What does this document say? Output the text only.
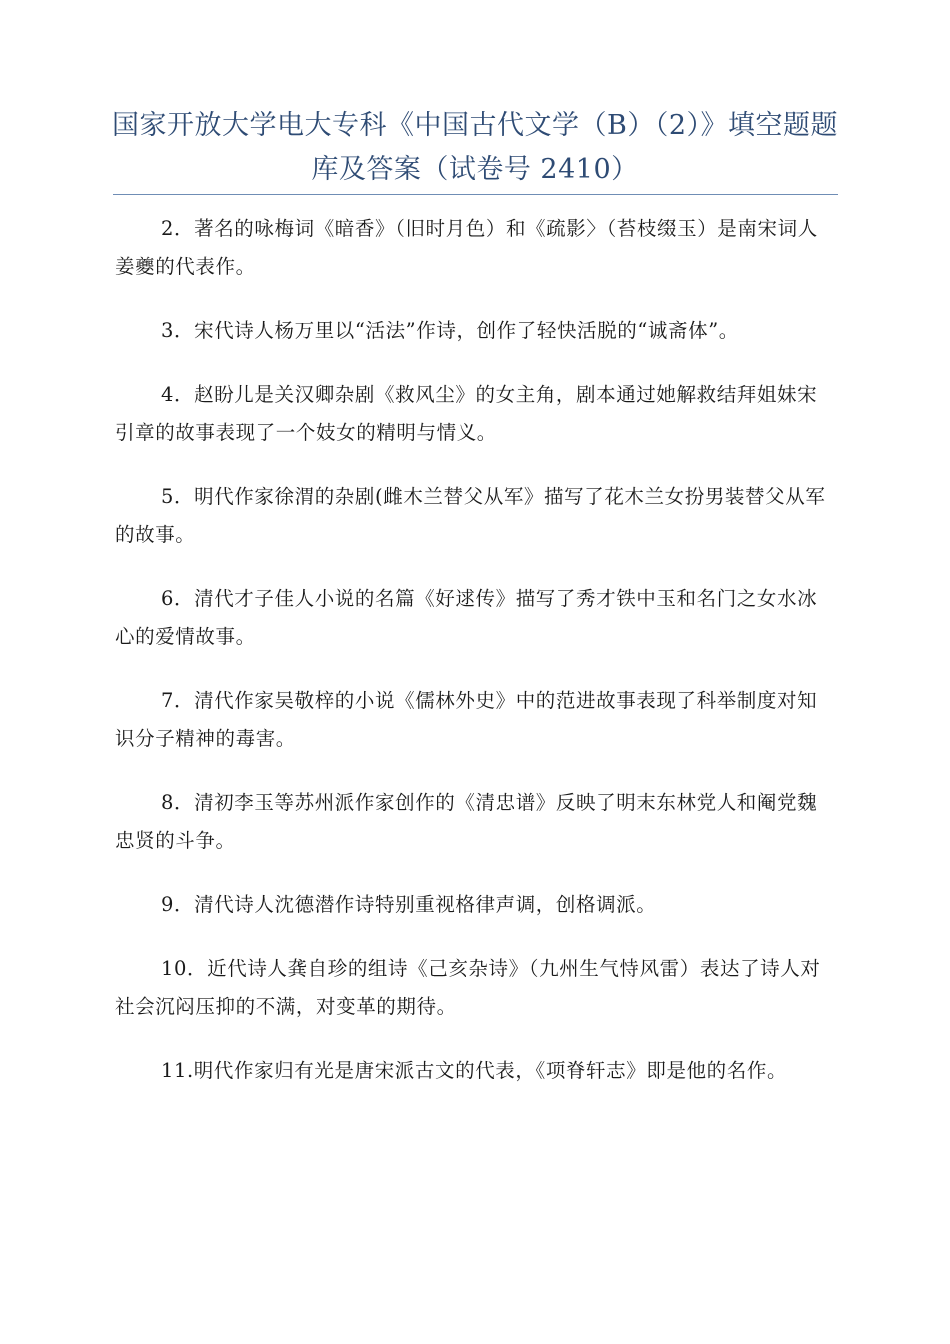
国家开放大学电大专科《中国古代文学（B）（2）》填空题题库及答案（试卷号 2410）

2．著名的咏梅词《暗香》（旧时月色）和《疏影〉（苔枝缀玉）是南宋词人姜夔的代表作。

3．宋代诗人杨万里以“活法”作诗，创作了轻快活脱的“诚斋体”。

4．赵盼儿是关汉卿杂剧《救风尘》的女主角，剧本通过她解救结拜姐妹宋引章的故事表现了一个妓女的精明与情义。

5．明代作家徐渭的杂剧(雌木兰替父从军》描写了花木兰女扮男装替父从军的故事。

6．清代才子佳人小说的名篇《好逑传》描写了秀才铁中玉和名门之女水冰心的爱情故事。

7．清代作家吴敬梓的小说《儒林外史》中的范进故事表现了科举制度对知识分子精神的毒害。

8．清初李玉等苏州派作家创作的《清忠谱》反映了明末东林党人和阉党魏忠贤的斗争。

9．清代诗人沈德潜作诗特别重视格律声调，创格调派。

10．近代诗人龚自珍的组诗《己亥杂诗》（九州生气恃风雷）表达了诗人对社会沉闷压抑的不满，对变革的期待。

11.明代作家归有光是唐宋派古文的代表，《项脊轩志》即是他的名作。
